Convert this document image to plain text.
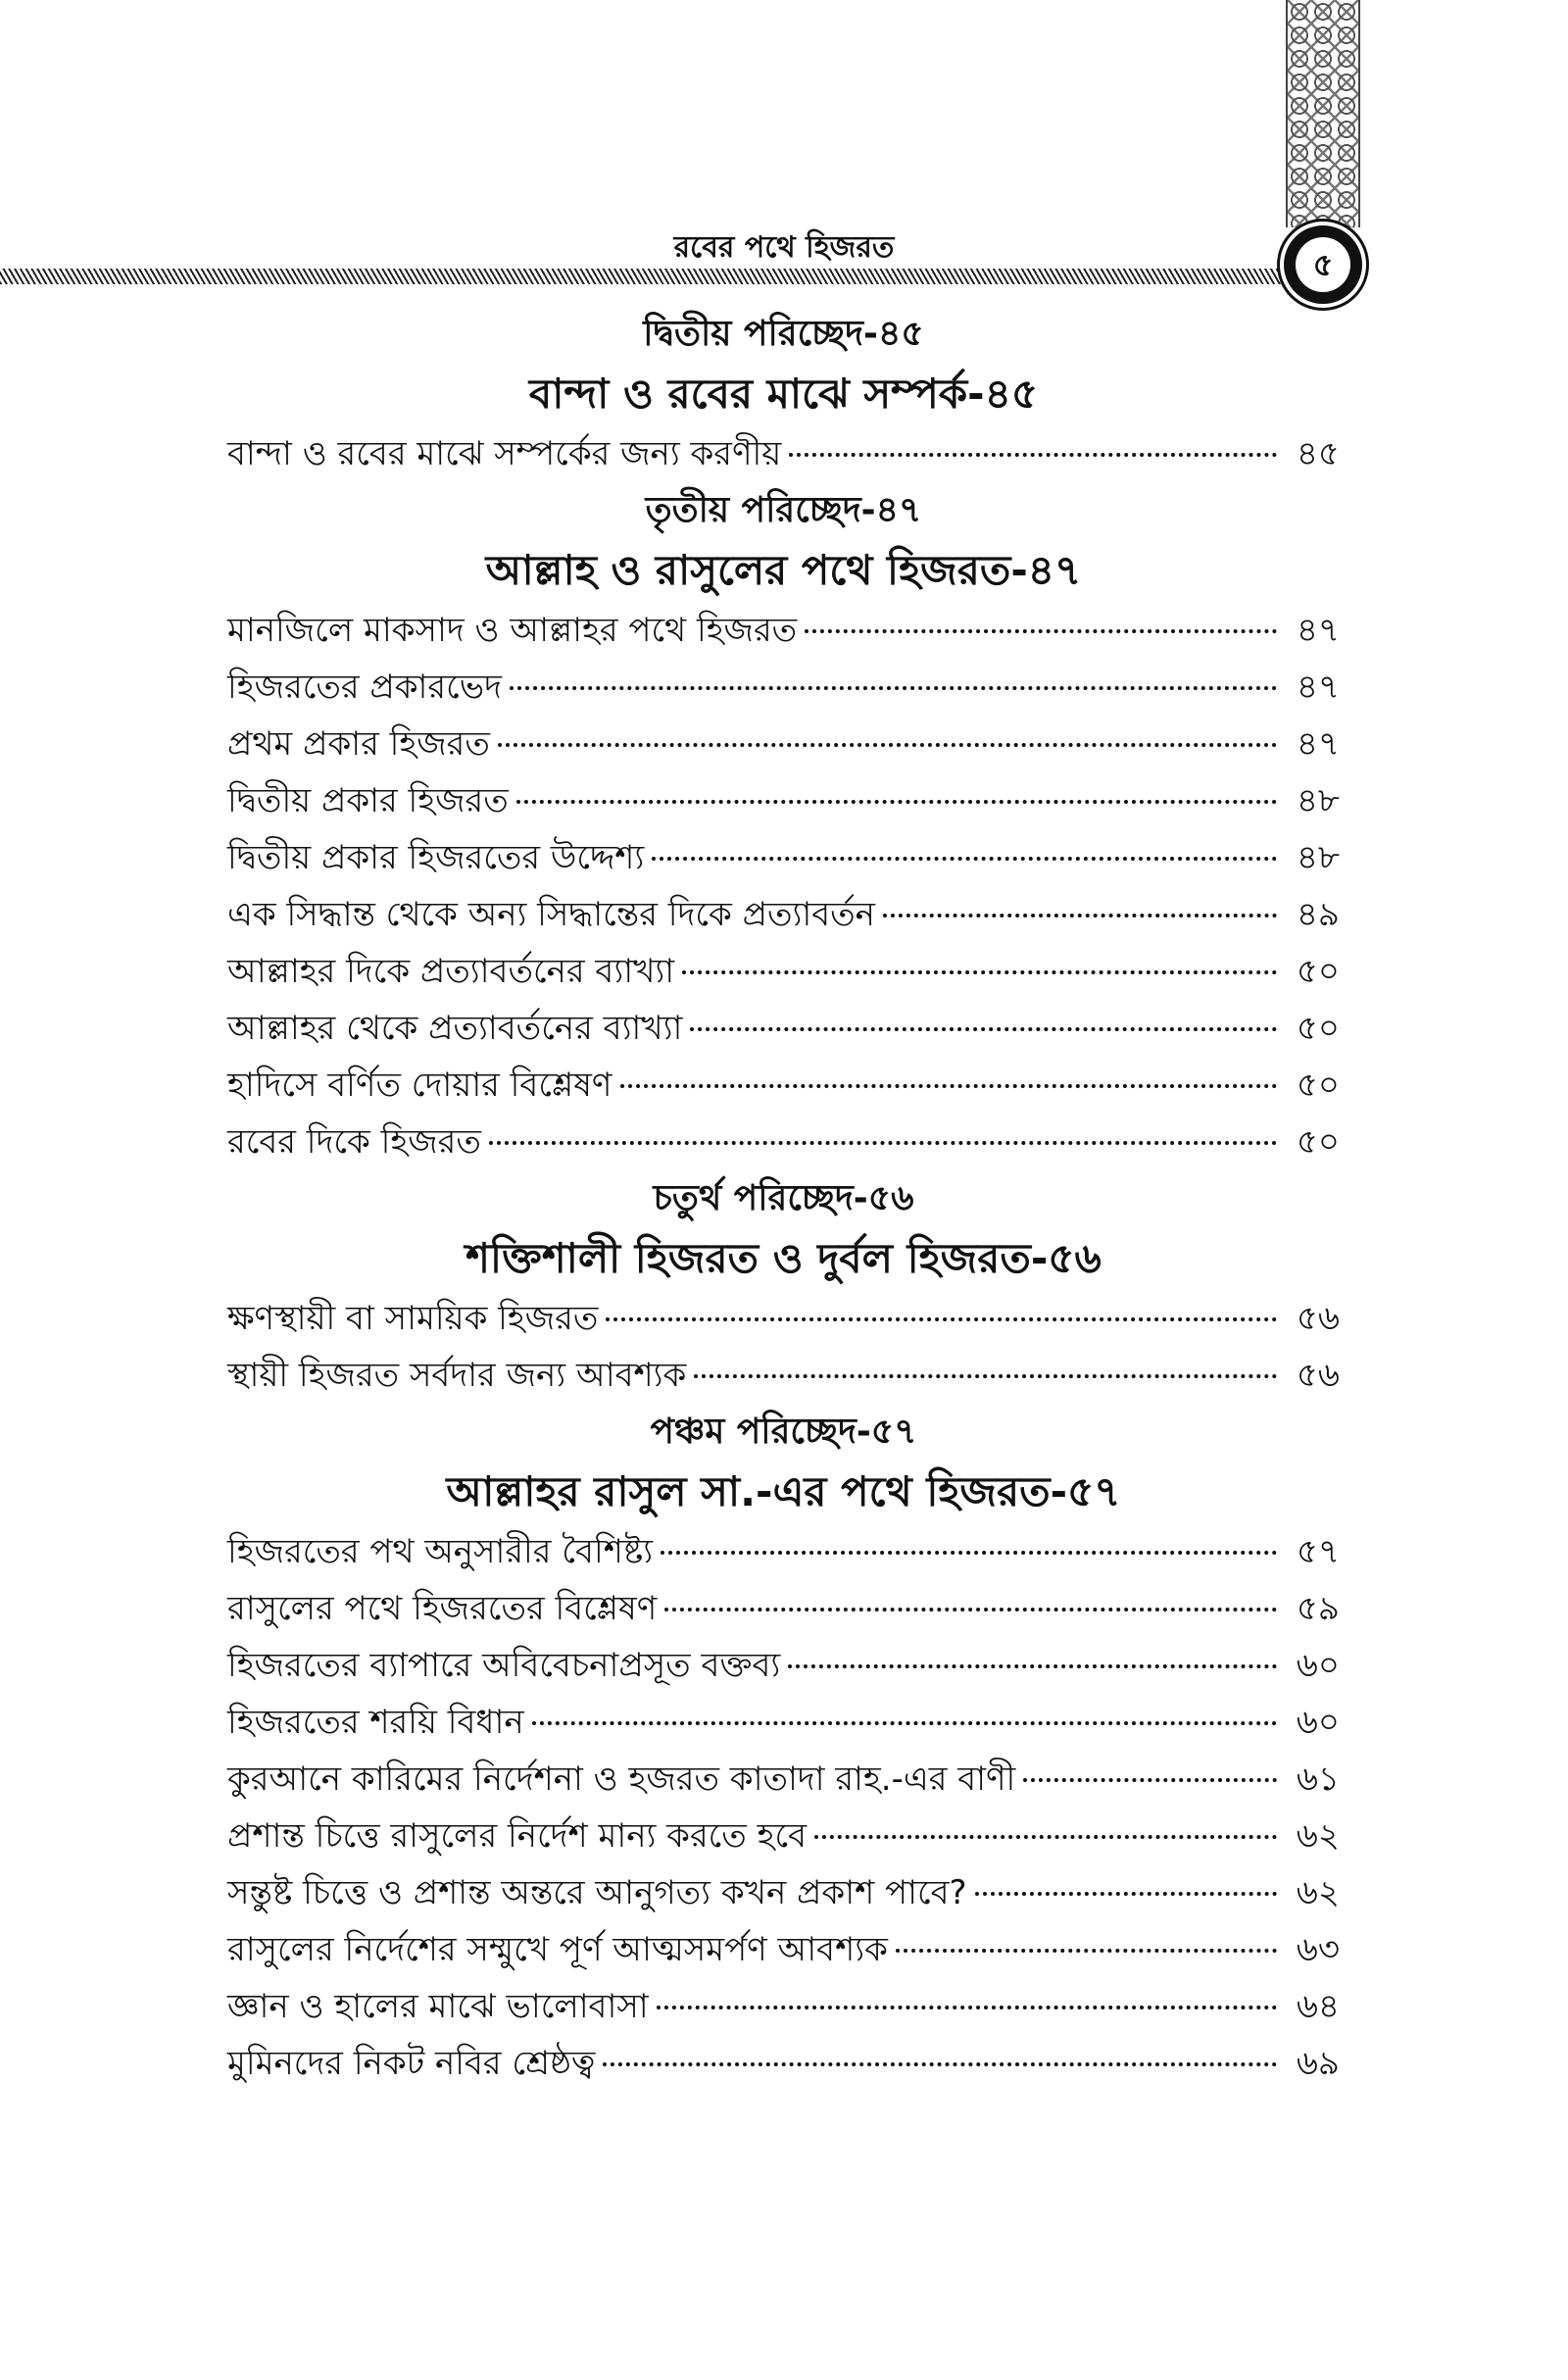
রবের পথে হিজরত	৫
দ্বিতীয় পরিচ্ছেদ-৪৫
বান্দা ও রবের মাঝে সম্পর্ক-৪৫
বান্দা ও রবের মাঝে সম্পর্কের জন্য করণীয়	৪৫
তৃতীয় পরিচ্ছেদ-৪৭
আল্লাহ ও রাসুলের পথে হিজরত-৪৭
মানজিলে মাকসাদ ও আল্লাহর পথে হিজরত	৪৭
হিজরতের প্রকারভেদ	৪৭
প্রথম প্রকার হিজরত	৪৭
দ্বিতীয় প্রকার হিজরত	৪৮
দ্বিতীয় প্রকার হিজরতের উদ্দেশ্য	৪৮
এক সিদ্ধান্ত থেকে অন্য সিদ্ধান্তের দিকে প্রত্যাবর্তন	৪৯
আল্লাহর দিকে প্রত্যাবর্তনের ব্যাখ্যা	৫০
আল্লাহর থেকে প্রত্যাবর্তনের ব্যাখ্যা	৫০
হাদিসে বর্ণিত দোয়ার বিশ্লেষণ	৫০
রবের দিকে হিজরত	৫০
চতুর্থ পরিচ্ছেদ-৫৬
শক্তিশালী হিজরত ও দুর্বল হিজরত-৫৬
ক্ষণস্থায়ী বা সাময়িক হিজরত	৫৬
স্থায়ী হিজরত সর্বদার জন্য আবশ্যক	৫৬
পঞ্চম পরিচ্ছেদ-৫৭
আল্লাহর রাসুল সা.-এর পথে হিজরত-৫৭
হিজরতের পথ অনুসারীর বৈশিষ্ট্য	৫৭
রাসুলের পথে হিজরতের বিশ্লেষণ	৫৯
হিজরতের ব্যাপারে অবিবেচনাপ্রসূত বক্তব্য	৬০
হিজরতের শরয়ি বিধান	৬০
কুরআনে কারিমের নির্দেশনা ও হজরত কাতাদা রাহ.-এর বাণী	৬১
প্রশান্ত চিত্তে রাসুলের নির্দেশ মান্য করতে হবে	৬২
সন্তুষ্ট চিত্তে ও প্রশান্ত অন্তরে আনুগত্য কখন প্রকাশ পাবে?	৬২
রাসুলের নির্দেশের সম্মুখে পূর্ণ আত্মসমর্পণ আবশ্যক	৬৩
জ্ঞান ও হালের মাঝে ভালোবাসা	৬৪
মুমিনদের নিকট নবির শ্রেষ্ঠত্ব	৬৯
